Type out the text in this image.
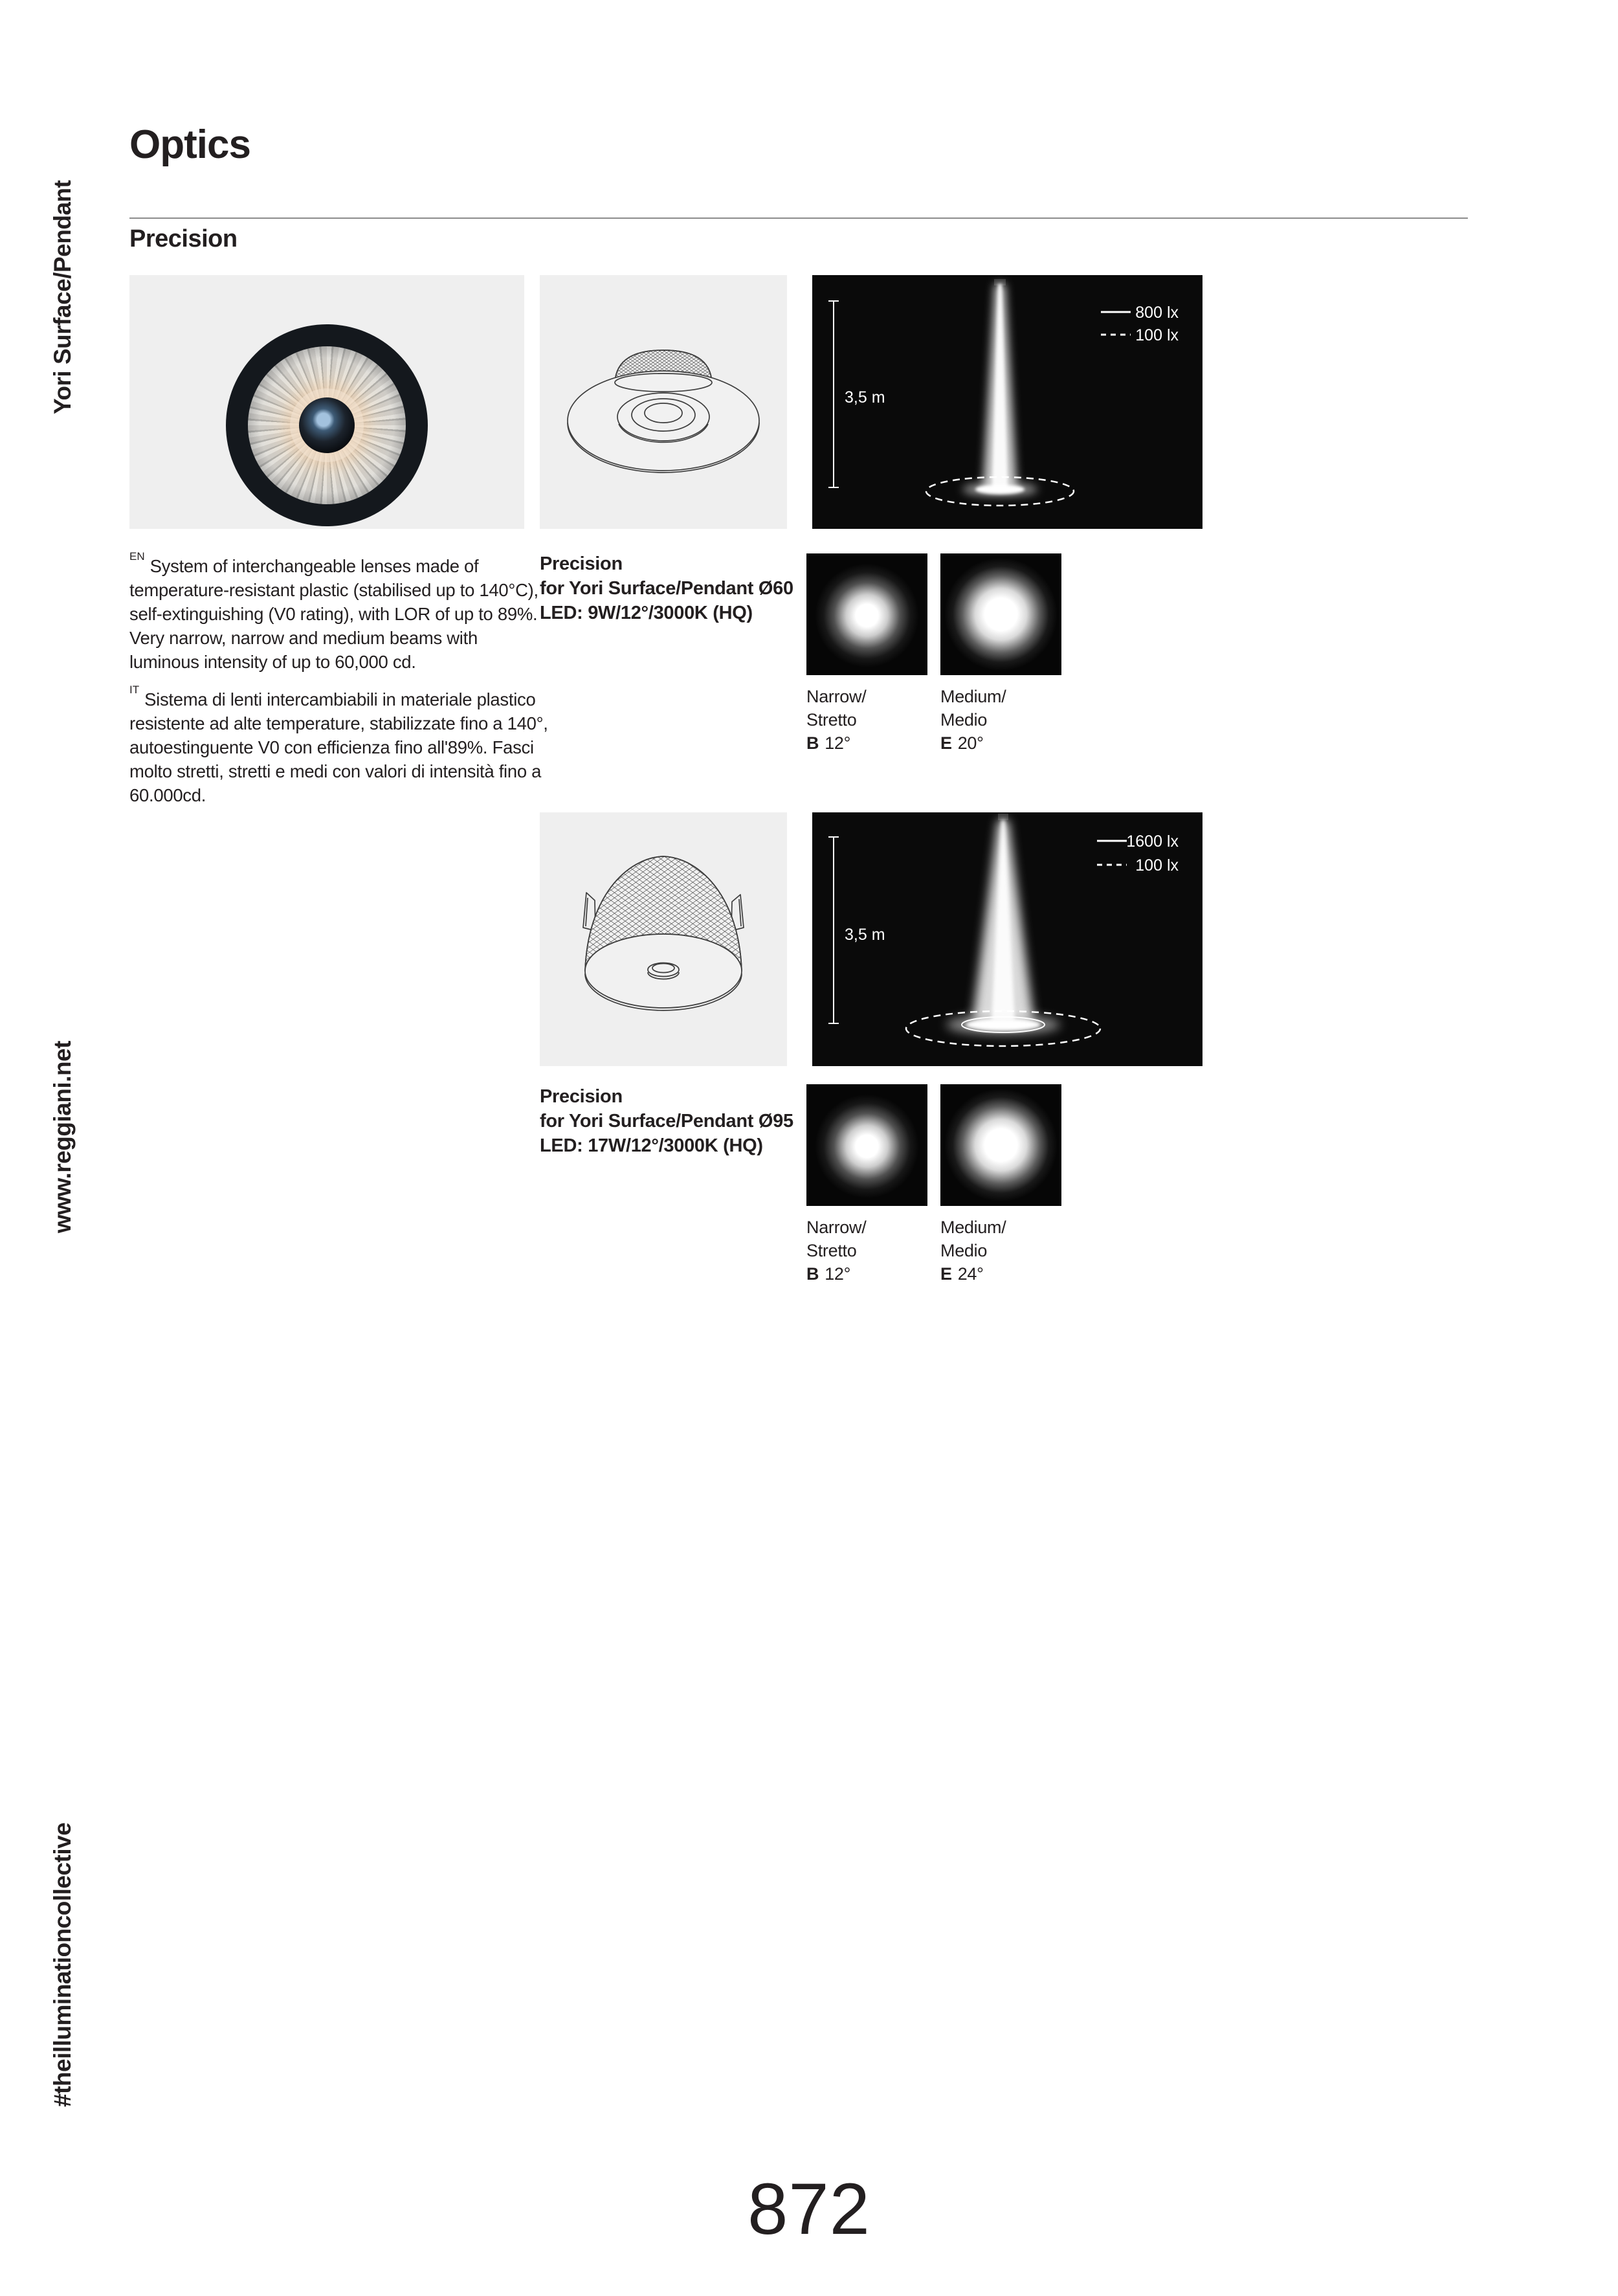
Yori Surface/Pendant
www.reggiani.net
#theilluminationcollective
Optics
Precision
3,5 m
800 lx
100 lx
$^{EN}$ System of interchangeable lenses made of temperature-resistant plastic (stabilised up to 140°C), self-extinguishing (V0 rating), with LOR of up to 89%. Very narrow, narrow and medium beams with luminous intensity of up to 60,000 cd.
$^{IT}$ Sistema di lenti intercambiabili in materiale plastico resistente ad alte temperature, stabilizzate fino a 140°, autoestinguente V0 con efficienza fino all'89%. Fasci molto stretti, stretti e medi con valori di intensità fino a 60.000cd.
Precision
for Yori Surface/Pendant Ø60
LED: 9W/12°/3000K (HQ)
Narrow/
Stretto
B 12°
Medium/
Medio
E 20°
3,5 m
1600 lx
100 lx
Precision
for Yori Surface/Pendant Ø95
LED: 17W/12°/3000K (HQ)
Narrow/
Stretto
B 12°
Medium/
Medio
E 24°
872
